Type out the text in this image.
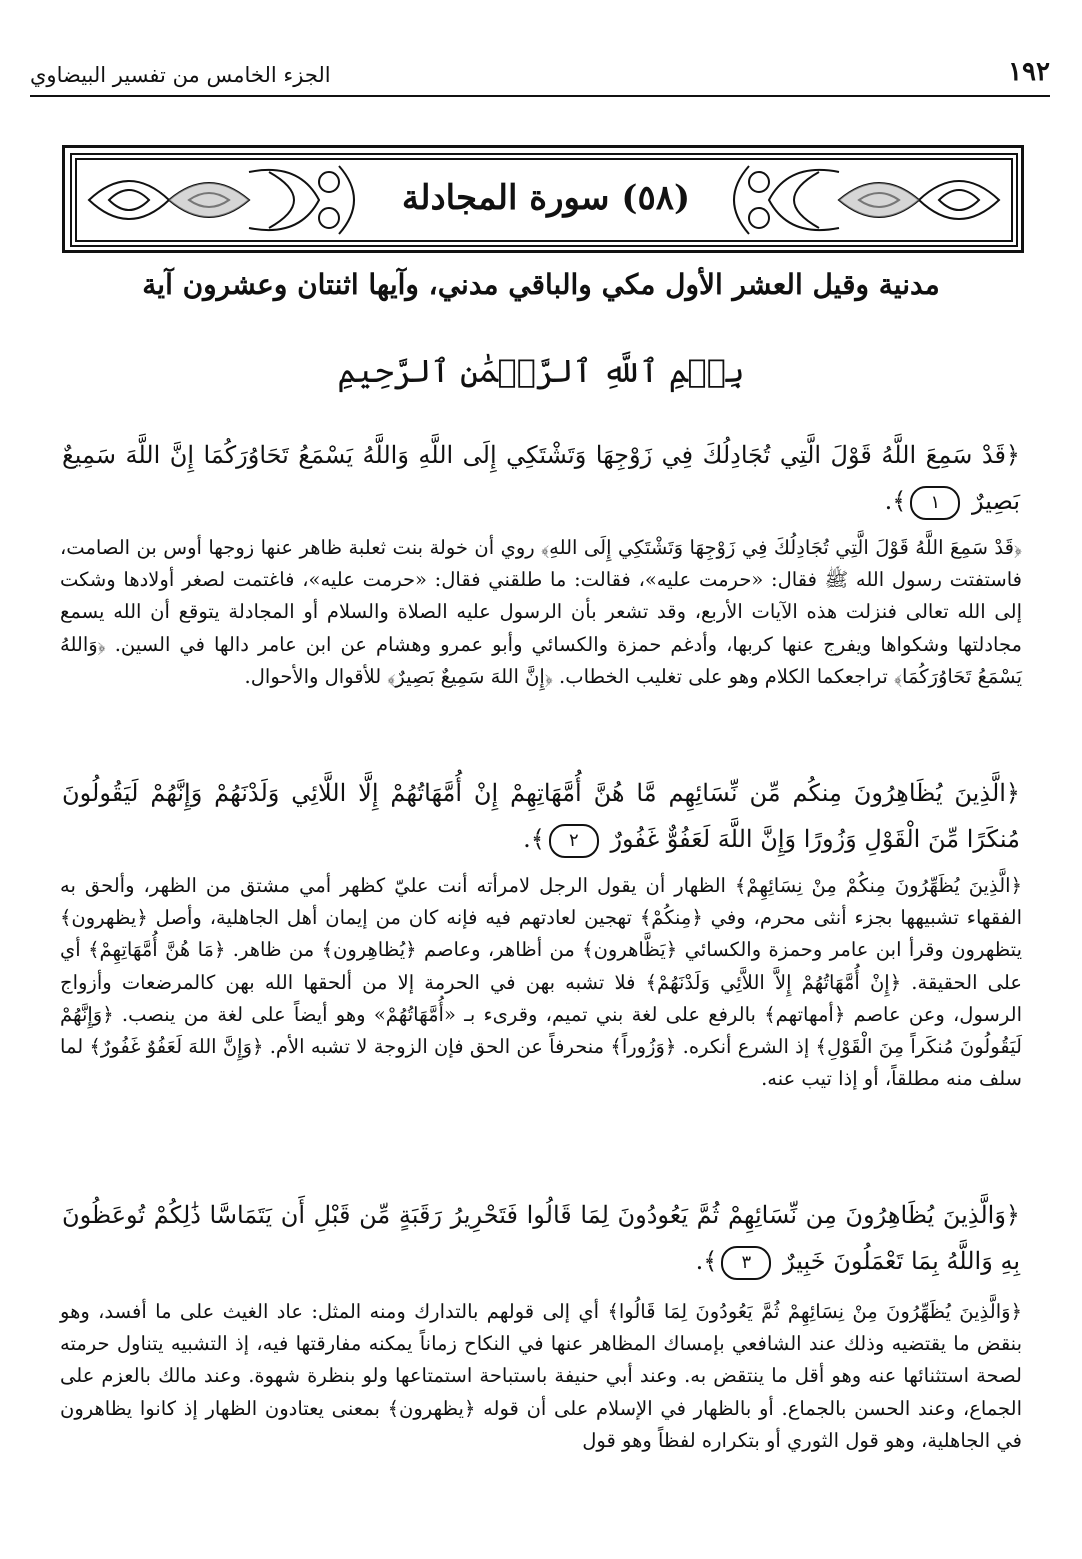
١٩٢
الجزء الخامس من تفسير البيضاوي
(٥٨) سورة المجادلة
مدنية وقيل العشر الأول مكي والباقي مدني، وآيها اثنتان وعشرون آية
بِسۡمِ ٱللَّهِ ٱلرَّحۡمَٰنِ ٱلرَّحِيمِ
﴿قَدْ سَمِعَ اللَّهُ قَوْلَ الَّتِي تُجَادِلُكَ فِي زَوْجِهَا وَتَشْتَكِي إِلَى اللَّهِ وَاللَّهُ يَسْمَعُ تَحَاوُرَكُمَا إِنَّ اللَّهَ سَمِيعٌ بَصِيرٌ ١﴾.
﴿قَدْ سَمِعَ اللَّهُ قَوْلَ الَّتِي تُجَادِلُكَ فِي زَوْجِهَا وَتَشْتَكِي إِلَى اللهِ﴾ روي أن خولة بنت ثعلبة ظاهر عنها زوجها أوس بن الصامت، فاستفتت رسول الله ﷺ فقال: «حرمت عليه»، فقالت: ما طلقني فقال: «حرمت عليه»، فاغتمت لصغر أولادها وشكت إلى الله تعالى فنزلت هذه الآيات الأربع، وقد تشعر بأن الرسول عليه الصلاة والسلام أو المجادلة يتوقع أن الله يسمع مجادلتها وشكواها ويفرج عنها كربها، وأدغم حمزة والكسائي وأبو عمرو وهشام عن ابن عامر دالها في السين. ﴿وَاللهُ يَسْمَعُ تَحَاوُرَكُمَا﴾ تراجعكما الكلام وهو على تغليب الخطاب. ﴿إِنَّ اللهَ سَمِيعٌ بَصِيرٌ﴾ للأقوال والأحوال.
﴿الَّذِينَ يُظَاهِرُونَ مِنكُم مِّن نِّسَائِهِم مَّا هُنَّ أُمَّهَاتِهِمْ إِنْ أُمَّهَاتُهُمْ إِلَّا اللَّائِي وَلَدْنَهُمْ وَإِنَّهُمْ لَيَقُولُونَ مُنكَرًا مِّنَ الْقَوْلِ وَزُورًا وَإِنَّ اللَّهَ لَعَفُوٌّ غَفُورٌ ٢﴾.
﴿الَّذِينَ يُظَهِّرُونَ مِنكُمْ مِنْ نِسَائِهِمْ﴾ الظهار أن يقول الرجل لامرأته أنت عليّ كظهر أمي مشتق من الظهر، وألحق به الفقهاء تشبيهها بجزء أنثى محرم، وفي ﴿مِنكُمْ﴾ تهجين لعادتهم فيه فإنه كان من إيمان أهل الجاهلية، وأصل ﴿يظهرون﴾ يتظهرون وقرأ ابن عامر وحمزة والكسائي ﴿يَظَّاهرون﴾ من أظاهر، وعاصم ﴿يُظاهِرون﴾ من ظاهر. ﴿مَا هُنَّ أُمَّهَاتِهِمْ﴾ أي على الحقيقة. ﴿إِنْ أُمَّهَاتُهُمْ إِلاَّ اللاَّئِي وَلَدْنَهُمْ﴾ فلا تشبه بهن في الحرمة إلا من ألحقها الله بهن كالمرضعات وأزواج الرسول، وعن عاصم ﴿أمهاتهم﴾ بالرفع على لغة بني تميم، وقرىء بـ «أُمَّهَاتُهُمْ» وهو أيضاً على لغة من ينصب. ﴿وَإِنَّهُمْ لَيَقُولُونَ مُنكَراً مِنَ الْقَوْلِ﴾ إذ الشرع أنكره. ﴿وَزُوراً﴾ منحرفاً عن الحق فإن الزوجة لا تشبه الأم. ﴿وَإِنَّ اللهَ لَعَفُوٌ غَفُورٌ﴾ لما سلف منه مطلقاً، أو إذا تيب عنه.
﴿وَالَّذِينَ يُظَاهِرُونَ مِن نِّسَائِهِمْ ثُمَّ يَعُودُونَ لِمَا قَالُوا فَتَحْرِيرُ رَقَبَةٍ مِّن قَبْلِ أَن يَتَمَاسَّا ذَٰلِكُمْ تُوعَظُونَ بِهِ وَاللَّهُ بِمَا تَعْمَلُونَ خَبِيرٌ ٣﴾.
﴿وَالَّذِينَ يُظَهِّرُونَ مِنْ نِسَائِهِمْ ثُمَّ يَعُودُونَ لِمَا قَالُوا﴾ أي إلى قولهم بالتدارك ومنه المثل: عاد الغيث على ما أفسد، وهو بنقض ما يقتضيه وذلك عند الشافعي بإمساك المظاهر عنها في النكاح زماناً يمكنه مفارقتها فيه، إذ التشبيه يتناول حرمته لصحة استثنائها عنه وهو أقل ما ينتقض به. وعند أبي حنيفة باستباحة استمتاعها ولو بنظرة شهوة. وعند مالك بالعزم على الجماع، وعند الحسن بالجماع. أو بالظهار في الإسلام على أن قوله ﴿يظهرون﴾ بمعنى يعتادون الظهار إذ كانوا يظاهرون في الجاهلية، وهو قول الثوري أو بتكراره لفظاً وهو قول
